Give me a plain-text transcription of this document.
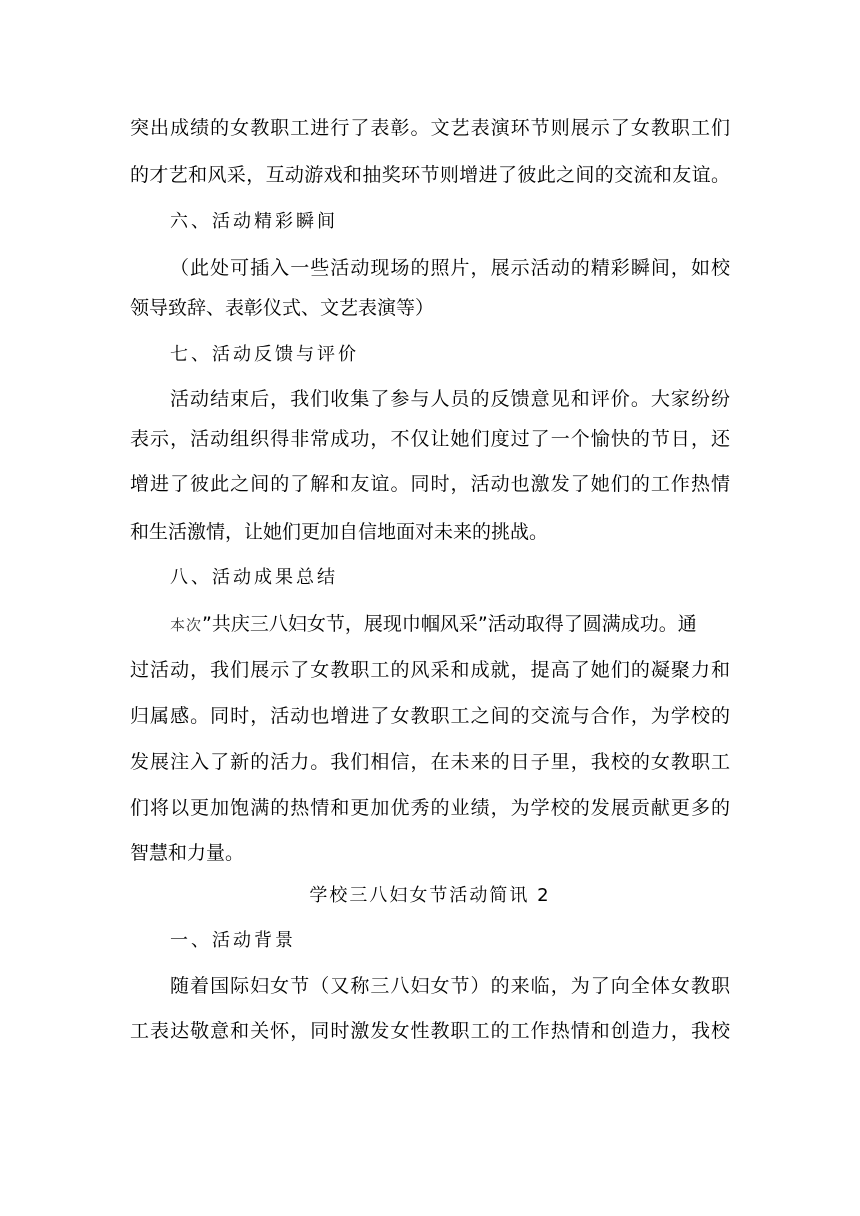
突出成绩的女教职工进行了表彰。文艺表演环节则展示了女教职工们
的才艺和风采，互动游戏和抽奖环节则增进了彼此之间的交流和友谊。
六、活动精彩瞬间
（此处可插入一些活动现场的照片，展示活动的精彩瞬间，如校
领导致辞、表彰仪式、文艺表演等）
七、活动反馈与评价
活动结束后，我们收集了参与人员的反馈意见和评价。大家纷纷
表示，活动组织得非常成功，不仅让她们度过了一个愉快的节日，还
增进了彼此之间的了解和友谊。同时，活动也激发了她们的工作热情
和生活激情，让她们更加自信地面对未来的挑战。
八、活动成果总结
本次”共庆三八妇女节，展现巾帼风采”活动取得了圆满成功。通
过活动，我们展示了女教职工的风采和成就，提高了她们的凝聚力和
归属感。同时，活动也增进了女教职工之间的交流与合作，为学校的
发展注入了新的活力。我们相信，在未来的日子里，我校的女教职工
们将以更加饱满的热情和更加优秀的业绩，为学校的发展贡献更多的
智慧和力量。
学校三八妇女节活动简讯 2
一、活动背景
随着国际妇女节（又称三八妇女节）的来临，为了向全体女教职
工表达敬意和关怀，同时激发女性教职工的工作热情和创造力，我校
